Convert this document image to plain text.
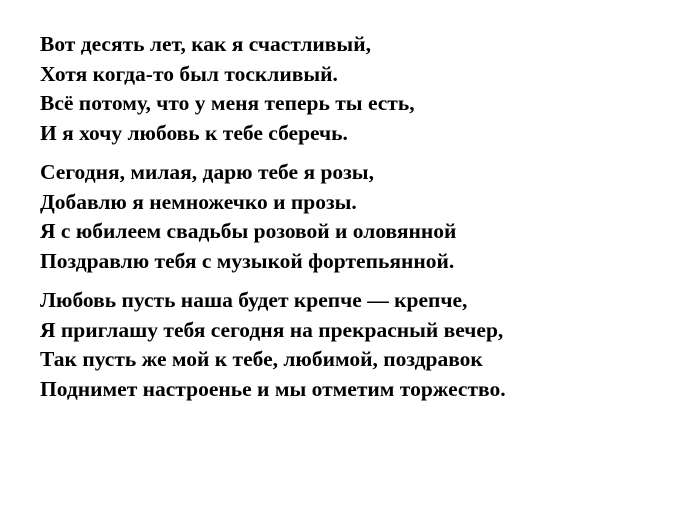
Вот десять лет, как я счастливый,
Хотя когда-то был тоскливый.
Всё потому, что у меня теперь ты есть,
И я хочу любовь к тебе сберечь.
Сегодня, милая, дарю тебе я розы,
Добавлю я немножечко и прозы.
Я с юбилеем свадьбы розовой и оловянной
Поздравлю тебя с музыкой фортепьянной.
Любовь пусть наша будет крепче — крепче,
Я приглашу тебя сегодня на прекрасный вечер,
Так пусть же мой к тебе, любимой, поздравок
Поднимет настроенье и мы отметим торжество.
